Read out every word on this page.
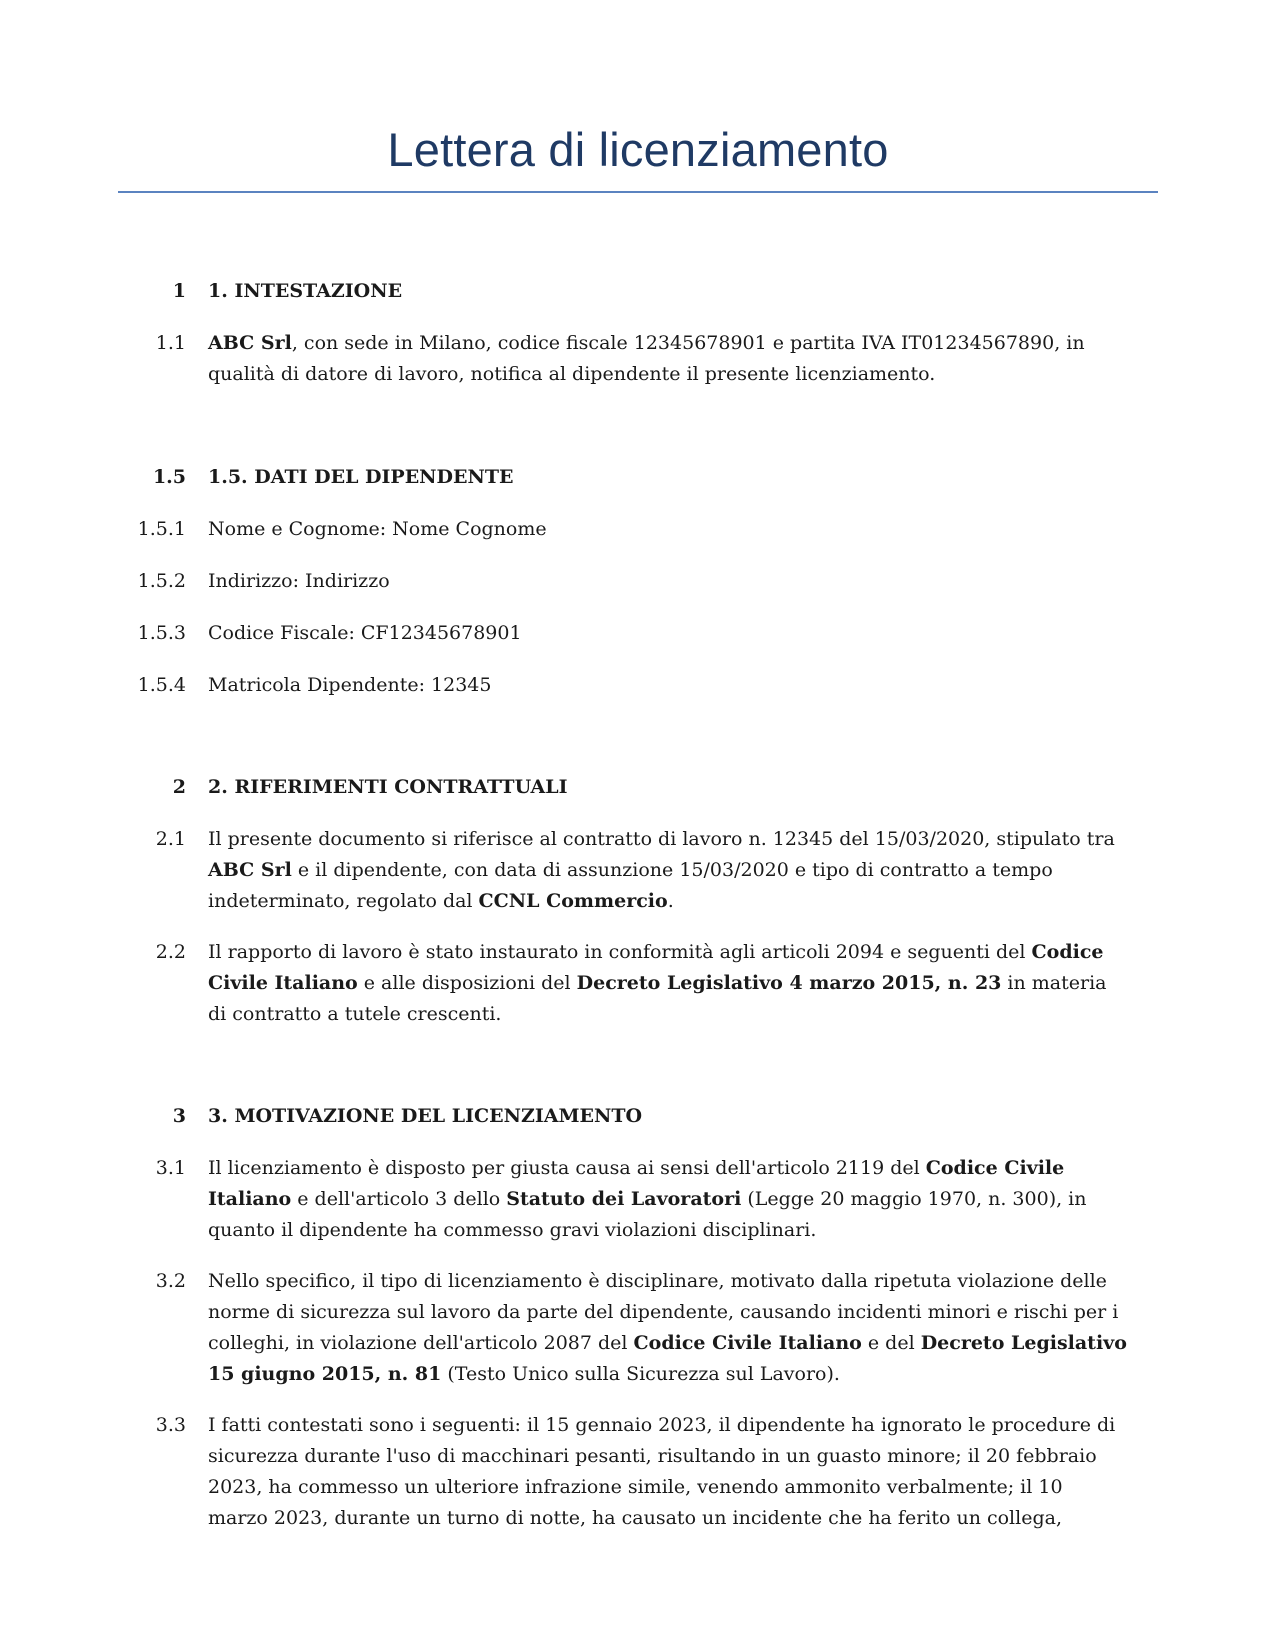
Lettera di licenziamento
1 1. INTESTAZIONE
1.1 ABC Srl, con sede in Milano, codice fiscale 12345678901 e partita IVA IT01234567890, in qualità di datore di lavoro, notifica al dipendente il presente licenziamento.
1.5 1.5. DATI DEL DIPENDENTE
1.5.1 Nome e Cognome: Nome Cognome
1.5.2 Indirizzo: Indirizzo
1.5.3 Codice Fiscale: CF12345678901
1.5.4 Matricola Dipendente: 12345
2 2. RIFERIMENTI CONTRATTUALI
2.1 Il presente documento si riferisce al contratto di lavoro n. 12345 del 15/03/2020, stipulato tra ABC Srl e il dipendente, con data di assunzione 15/03/2020 e tipo di contratto a tempo indeterminato, regolato dal CCNL Commercio.
2.2 Il rapporto di lavoro è stato instaurato in conformità agli articoli 2094 e seguenti del Codice Civile Italiano e alle disposizioni del Decreto Legislativo 4 marzo 2015, n. 23 in materia di contratto a tutele crescenti.
3 3. MOTIVAZIONE DEL LICENZIAMENTO
3.1 Il licenziamento è disposto per giusta causa ai sensi dell'articolo 2119 del Codice Civile Italiano e dell'articolo 3 dello Statuto dei Lavoratori (Legge 20 maggio 1970, n. 300), in quanto il dipendente ha commesso gravi violazioni disciplinari.
3.2 Nello specifico, il tipo di licenziamento è disciplinare, motivato dalla ripetuta violazione delle norme di sicurezza sul lavoro da parte del dipendente, causando incidenti minori e rischi per i colleghi, in violazione dell'articolo 2087 del Codice Civile Italiano e del Decreto Legislativo 15 giugno 2015, n. 81 (Testo Unico sulla Sicurezza sul Lavoro).
3.3 I fatti contestati sono i seguenti: il 15 gennaio 2023, il dipendente ha ignorato le procedure di sicurezza durante l'uso di macchinari pesanti, risultando in un guasto minore; il 20 febbraio 2023, ha commesso un ulteriore infrazione simile, venendo ammonito verbalmente; il 10 marzo 2023, durante un turno di notte, ha causato un incidente che ha ferito un collega,
